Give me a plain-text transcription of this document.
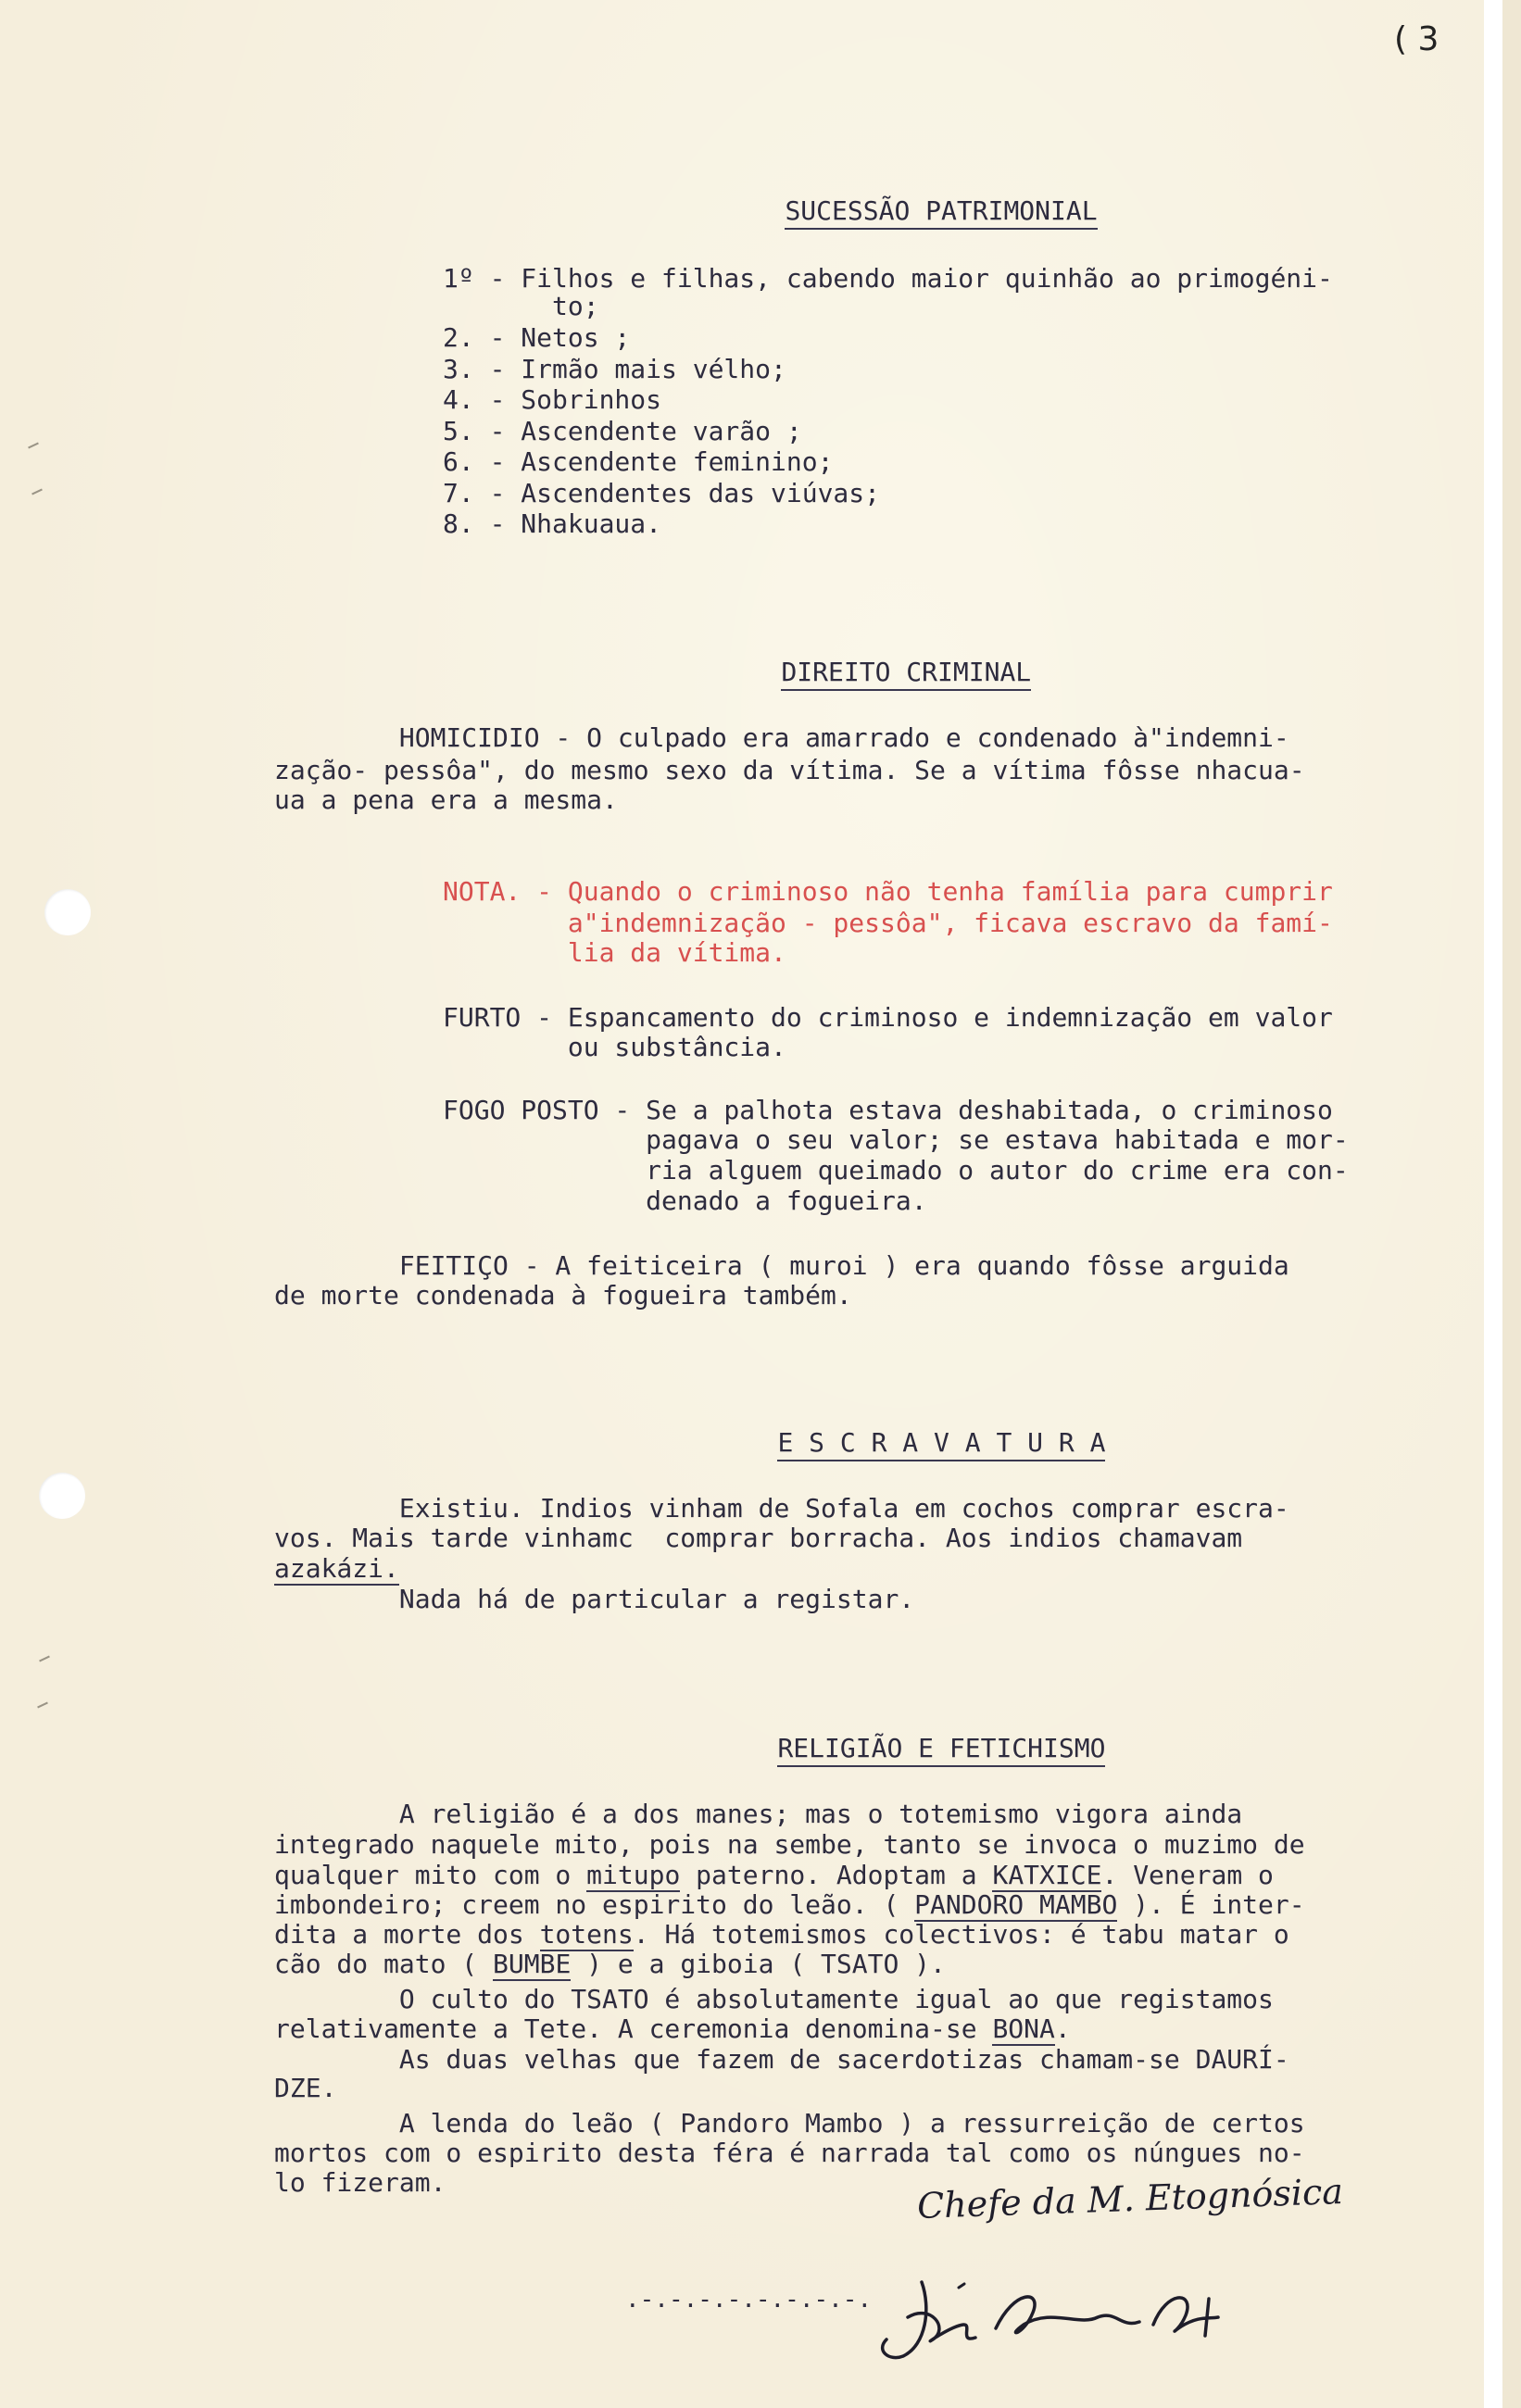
( 3

SUCESSÃO PATRIMONIAL

1º - Filhos e filhas, cabendo maior quinhão ao primogéni-
to;
2. - Netos ;
3. - Irmão mais vélho;
4. - Sobrinhos
5. - Ascendente varão ;
6. - Ascendente feminino;
7. - Ascendentes das viúvas;
8. - Nhakuaua.

DIREITO CRIMINAL

HOMICIDIO - O culpado era amarrado e condenado à"indemni-
zação- pessôa", do mesmo sexo da vítima. Se a vítima fôsse nhacua-
ua a pena era a mesma.
NOTA. - Quando o criminoso não tenha família para cumprir
a"indemnização - pessôa", ficava escravo da famí-
lia da vítima.
FURTO - Espancamento do criminoso e indemnização em valor
ou substância.
FOGO POSTO - Se a palhota estava deshabitada, o criminoso
pagava o seu valor; se estava habitada e mor-
ria alguem queimado o autor do crime era con-
denado a fogueira.
FEITIÇO - A feiticeira ( muroi ) era quando fôsse arguida
de morte condenada à fogueira também.

E S C R A V A T U R A

Existiu. Indios vinham de Sofala em cochos comprar escra-
vos. Mais tarde vinhamc  comprar borracha. Aos indios chamavam
azakázi.
Nada há de particular a registar.

RELIGIÃO E FETICHISMO

A religião é a dos manes; mas o totemismo vigora ainda
integrado naquele mito, pois na sembe, tanto se invoca o muzimo de
qualquer mito com o mitupo paterno. Adoptam a KATXICE. Veneram o
imbondeiro; creem no espirito do leão. ( PANDORO MAMBO ). É inter-
dita a morte dos totens. Há totemismos colectivos: é tabu matar o
cão do mato ( BUMBE ) e a giboia ( TSATO ).
O culto do TSATO é absolutamente igual ao que registamos
relativamente a Tete. A ceremonia denomina-se BONA.
As duas velhas que fazem de sacerdotizas chamam-se DAURÍ-
DZE.
A lenda do leão ( Pandoro Mambo ) a ressurreição de certos
mortos com o espirito desta féra é narrada tal como os núngues no-
lo fizeram.	Chefe da M. Etognósica
.-.-.-.-.-.-.-.-.
